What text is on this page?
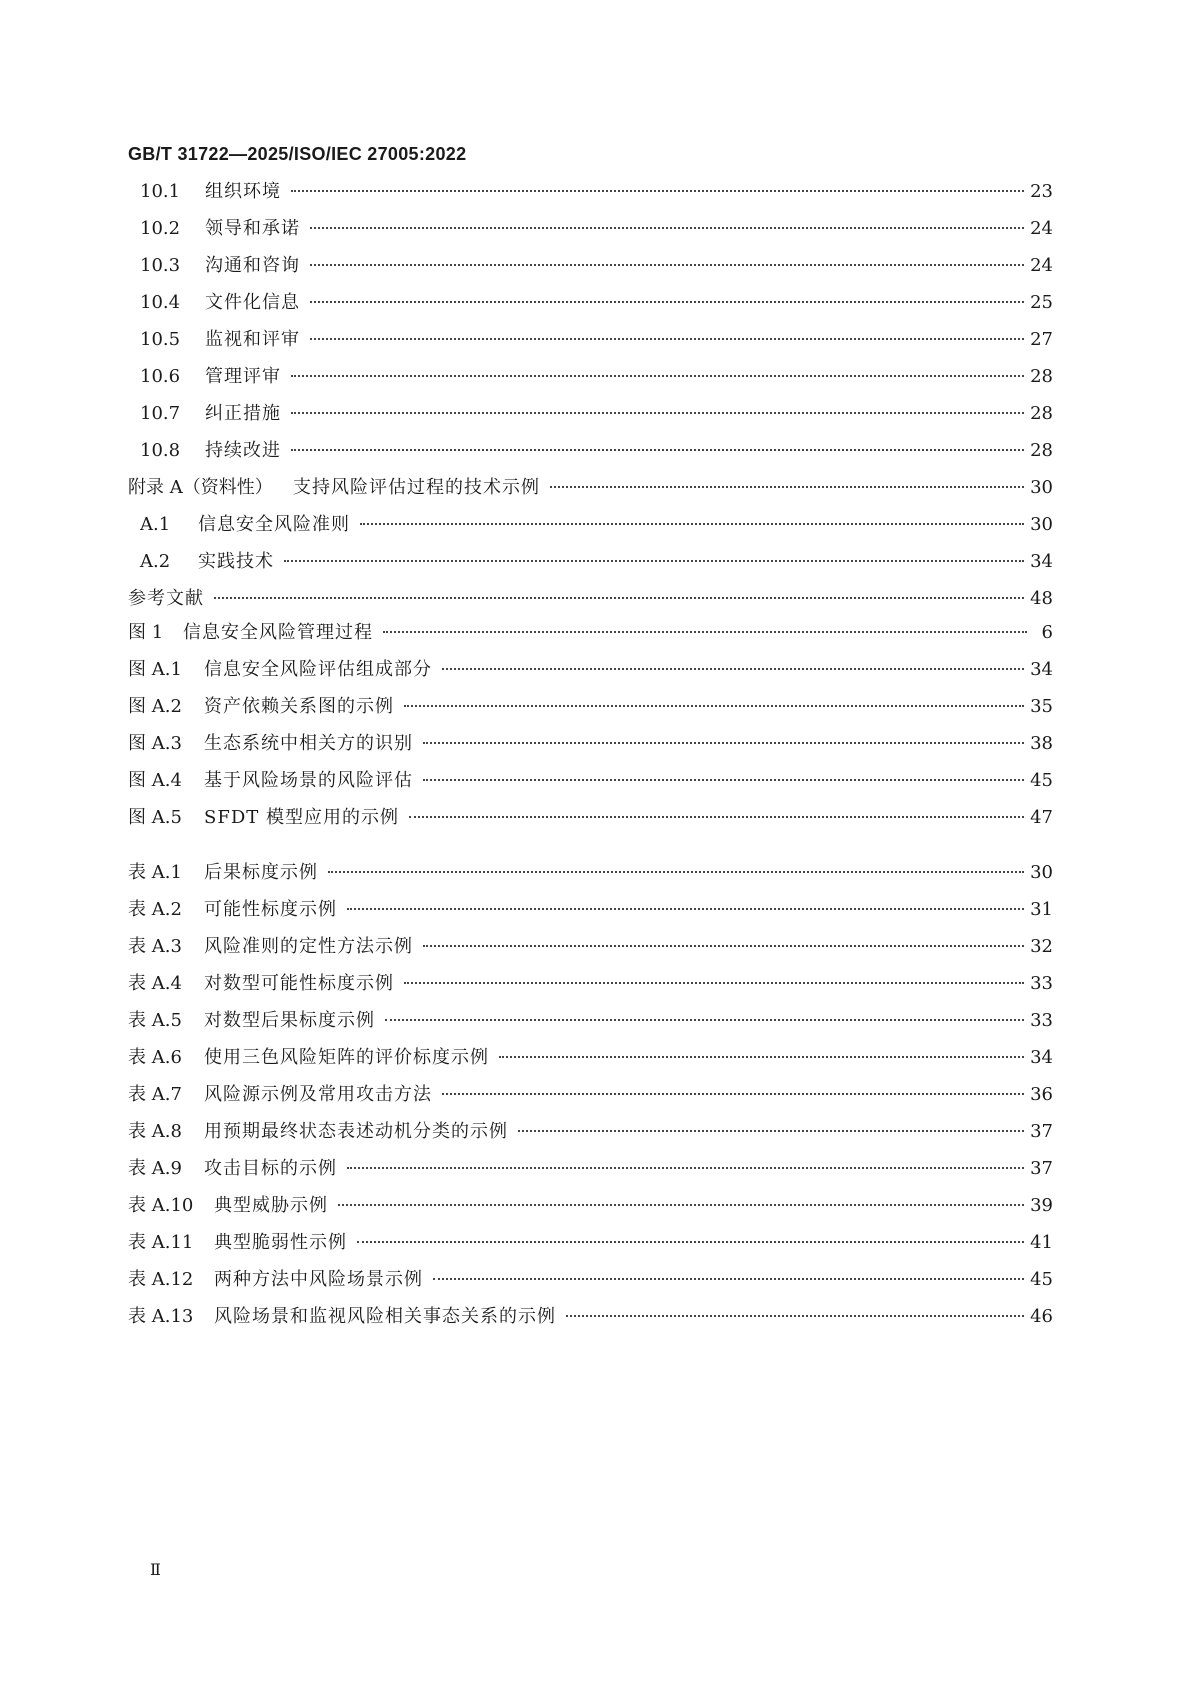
GB/T 31722—2025/ISO/IEC 27005:2022
10.1	组织环境	23
10.2	领导和承诺	24
10.3	沟通和咨询	24
10.4	文件化信息	25
10.5	监视和评审	27
10.6	管理评审	28
10.7	纠正措施	28
10.8	持续改进	28
附录 A（资料性）	支持风险评估过程的技术示例	30
A.1	信息安全风险准则	30
A.2	实践技术	34
参考文献	48
图 1	信息安全风险管理过程	6
图 A.1	信息安全风险评估组成部分	34
图 A.2	资产依赖关系图的示例	35
图 A.3	生态系统中相关方的识别	38
图 A.4	基于风险场景的风险评估	45
图 A.5	SFDT 模型应用的示例	47
表 A.1	后果标度示例	30
表 A.2	可能性标度示例	31
表 A.3	风险准则的定性方法示例	32
表 A.4	对数型可能性标度示例	33
表 A.5	对数型后果标度示例	33
表 A.6	使用三色风险矩阵的评价标度示例	34
表 A.7	风险源示例及常用攻击方法	36
表 A.8	用预期最终状态表述动机分类的示例	37
表 A.9	攻击目标的示例	37
表 A.10	典型威胁示例	39
表 A.11	典型脆弱性示例	41
表 A.12	两种方法中风险场景示例	45
表 A.13	风险场景和监视风险相关事态关系的示例	46
Ⅱ
